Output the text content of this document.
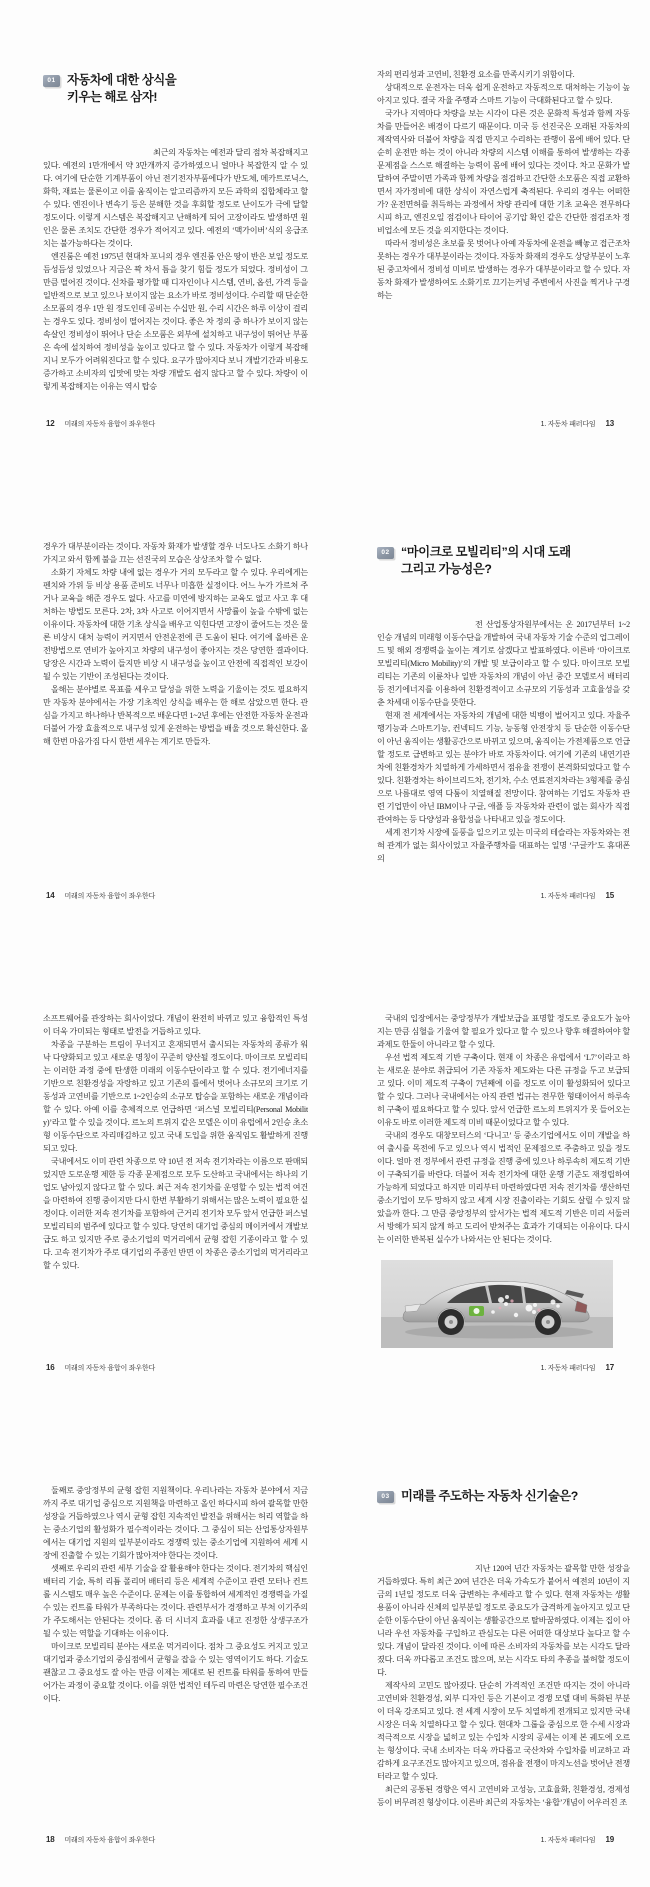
01 자동차에 대한 상식을
키우는 해로 삼자!

최근의 자동차는 예전과 달리 점차 복잡해지고 있다. 예전의 1만개에서 약 3만개까지 증가하였으니 얼마나 복잡한지 알 수 있다. 여기에 단순한 기계부품이 아닌 전기전자부품에다가 반도체, 메카트로닉스, 화학, 재료는 물론이고 이를 움직이는 알고리즘까지 모든 과학의 집합체라고 할 수 있다. 엔진이나 변속기 등은 분해한 것을 후회할 정도로 난이도가 극에 달할 정도이다. 이렇게 시스템은 복잡해지고 난해하게 되어 고장이라도 발생하면 원인은 물론 조치도 간단한 경우가 적어지고 있다. 예전의 ‘맥가이버’식의 응급조치는 불가능하다는 것이다.

엔진룸은 예전 1975년 현대차 포니의 경우 엔진룸 안은 땅이 반은 보일 정도로 듬성듬성 있었으나 지금은 꽉 차서 틈을 찾기 힘들 정도가 되었다. 정비성이 그만큼 떨어진 것이다. 신차를 평가할 때 디자인이나 시스템, 연비, 옵션, 가격 등을 일반적으로 보고 있으나 보이지 않는 요소가 바로 정비성이다. 수리할 때 단순한 소모품의 경우 1만 원 정도인데 공비는 수십만 원, 수리 시간은 하루 이상이 걸리는 경우도 있다. 정비성이 떨어지는 것이다. 좋은 차 정의 중 하나가 보이지 않는 속살인 정비성이 뛰어나 단순 소모품은 외부에 설치하고 내구성이 뛰어난 부품은 속에 설치하여 정비성을 높이고 있다고 할 수 있다. 자동차가 이렇게 복잡해지니 모두가 어려워진다고 할 수 있다. 요구가 많아지다 보니 개발기간과 비용도 증가하고 소비자의 입맛에 맞는 차량 개발도 쉽지 않다고 할 수 있다. 차량이 이렇게 복잡해지는 이유는 역시 탑승

12 미래의 자동차 융합이 좌우한다

자의 편리성과 고연비, 친환경 요소를 만족시키기 위함이다.

상대적으로 운전자는 더욱 쉽게 운전하고 자동적으로 대처하는 기능이 높아지고 있다. 결국 자율 주행과 스마트 기능이 극대화된다고 할 수 있다.

국가나 지역마다 차량을 보는 시각이 다른 것은 문화적 특성과 함께 자동차를 만들어온 배경이 다르기 때문이다. 미국 등 선진국은 오래된 자동차의 제작역사와 더불어 차량을 직접 만지고 수리하는 관행이 몸에 배어 있다. 단순히 운전만 하는 것이 아니라 차량의 시스템 이해를 통하여 발생하는 각종 문제점을 스스로 해결하는 능력이 몸에 배어 있다는 것이다. 차고 문화가 발달하여 주말이면 가족과 함께 차량을 점검하고 간단한 소모품은 직접 교환하면서 자가정비에 대한 상식이 자연스럽게 축적된다. 우리의 경우는 어떠한가? 운전면허를 취득하는 과정에서 차량 관리에 대한 기초 교육은 전무하다시피 하고, 엔진오일 점검이나 타이어 공기압 확인 같은 간단한 점검조차 정비업소에 모든 것을 의지한다는 것이다.

따라서 정비성은 초보를 못 벗어나 아예 자동차에 운전을 빼놓고 접근조차 못하는 경우가 대부분이라는 것이다. 자동차 화재의 경우도 상당부분이 노후된 중고차에서 정비성 미비로 발생하는 경우가 대부분이라고 할 수 있다. 자동차 화재가 발생하여도 소화기로 끄기는커녕 주변에서 사진을 찍거나 구경하는

1. 자동차 패러다임 13

경우가 대부분이라는 것이다. 자동차 화재가 발생할 경우 너도나도 소화기 하나 가지고 와서 함께 불을 끄는 선진국의 모습은 상상조차 할 수 없다.

소화기 자체도 차량 내에 없는 경우가 거의 모두라고 할 수 있다. 우리에게는 펜치와 가위 등 비상 용품 준비도 너무나 미흡한 실정이다. 어느 누가 가르쳐 주거나 교육을 해준 경우도 없다. 사고를 미연에 방지하는 교육도 없고 사고 후 대처하는 방법도 모른다. 2차, 3차 사고로 이어지면서 사망률이 높을 수밖에 없는 이유이다. 자동차에 대한 기초 상식을 배우고 익힌다면 고장이 줄어드는 것은 물론 비상시 대처 능력이 커지면서 안전운전에 큰 도움이 된다. 여기에 올바른 운전방법으로 연비가 높아지고 차량의 내구성이 좋아지는 것은 당연한 결과이다. 당장은 시간과 노력이 들지만 비상 시 내구성을 높이고 안전에 직접적인 보강이 될 수 있는 기반이 조성된다는 것이다.

올해는 분야별로 목표를 세우고 달성을 위한 노력을 기울이는 것도 필요하지만 자동차 분야에서는 가장 기초적인 상식을 배우는 한 해로 삼았으면 한다. 관심을 가지고 하나하나 반복적으로 배운다면 1~2년 후에는 안전한 자동차 운전과 더불어 가장 효율적으로 내구성 있게 운전하는 방법을 배울 것으로 확신한다. 올해 한번 마음가짐 다시 한번 세우는 계기로 만들자.

14 미래의 자동차 융합이 좌우한다
02 “마이크로 모빌리티”의 시대 도래
그리고 가능성은?

전 산업통상자원부에서는 온 2017년부터 1~2인승 개념의 미래형 이동수단을 개발하여 국내 자동차 기술 수준의 업그레이드 및 해외 경쟁력을 높이는 계기로 삼겠다고 발표하였다. 이른바 ‘마이크로 모빌리티(Micro Mobility)’의 개발 및 보급이라고 할 수 있다. 마이크로 모빌리티는 기존의 이륜차나 일반 자동차의 개념이 아닌 중간 모델로서 배터리 등 전기에너지를 이용하여 친환경적이고 소규모의 기동성과 고효율성을 갖춘 차세대 이동수단을 뜻한다.

현재 전 세계에서는 자동차의 개념에 대한 빅뱅이 벌어지고 있다. 자율주행기능과 스마트기능, 컨넥티드 기능, 능동형 안전장치 등 단순한 이동수단이 아닌 움직이는 생활공간으로 바뀌고 있으며, 움직이는 가전제품으로 언급할 정도로 급변하고 있는 분야가 바로 자동차이다. 여기에 기존의 내연기관차에 친환경차가 치열하게 가세하면서 점유율 전쟁이 본격화되었다고 할 수 있다. 친환경차는 하이브리드차, 전기차, 수소 연료전지차라는 3형제를 중심으로 나름대로 영역 다툼이 치열해질 전망이다. 참여하는 기업도 자동차 관련 기업만이 아닌 IBM이나 구글, 애플 등 자동차와 관련이 없는 회사가 직접 관여하는 등 다양성과 융합성을 나타내고 있을 정도이다.

세계 전기차 시장에 돌풍을 일으키고 있는 미국의 테슬라는 자동차와는 전혀 관계가 없는 회사이었고 자율주행차를 대표하는 일명 ‘구글카’도 휴대폰의

1. 자동차 패러다임 15

소프트웨어를 관장하는 회사이었다. 개념이 완전히 바뀌고 있고 융합적인 특성이 더욱 가미되는 형태로 발전을 거듭하고 있다.

차종을 구분하는 트림이 무너지고 혼재되면서 출시되는 자동차의 종류가 워낙 다양화되고 있고 새로운 명칭이 꾸준히 양산될 정도이다. 마이크로 모빌리티는 이러한 과정 중에 탄생한 미래의 이동수단이라고 할 수 있다. 전기에너지를 기반으로 친환경성을 자랑하고 있고 기존의 틀에서 벗어나 소규모의 크기로 기동성과 고연비를 기반으로 1~2인승의 소규모 탑승을 포함하는 새로운 개념이라 할 수 있다. 아예 이를 총체적으로 언급하면 ‘퍼스널 모빌리티(Personal Mobility)’라고 할 수 있을 것이다. 르노의 트위지 같은 모델은 이미 유럽에서 2인승 초소형 이동수단으로 자리매김하고 있고 국내 도입을 위한 움직임도 활발하게 진행되고 있다.

국내에서도 이미 관련 차종으로 약 10년 전 저속 전기차라는 이름으로 판매되었지만 도로운행 제한 등 각종 문제점으로 모두 도산하고 국내에서는 하나의 기업도 남아있지 않다고 할 수 있다. 최근 저속 전기차를 운영할 수 있는 법적 여건을 마련하여 진행 중이지만 다시 한번 부활하기 위해서는 많은 노력이 필요한 실정이다. 이러한 저속 전기차를 포함하여 근거리 전기차 모두 앞서 언급한 퍼스널 모빌리티의 범주에 있다고 할 수 있다. 당연히 대기업 중심의 메이커에서 개발보급도 하고 있지만 주로 중소기업의 먹거리에서 균형 잡힌 기종이라고 할 수 있다. 고속 전기차가 주로 대기업의 주종인 반면 이 차종은 중소기업의 먹거리라고 할 수 있다.

16 미래의 자동차 융합이 좌우한다

국내의 입장에서는 중앙정부가 개발보급을 표명할 정도로 중요도가 높아지는 만큼 심혈을 기울여 할 필요가 있다고 할 수 있으나 향후 해결하여야 할 과제도 한둘이 아니라고 할 수 있다.

우선 법적 제도적 기반 구축이다. 현재 이 차종은 유럽에서 ‘L7’이라고 하는 새로운 분야로 취급되어 기존 자동차 제도와는 다른 규정을 두고 보급되고 있다. 이미 제도적 구축이 7년째에 이를 정도로 이미 활성화되어 있다고 할 수 있다. 그러나 국내에서는 아직 관련 법규는 전무한 형태이어서 하루속히 구축이 필요하다고 할 수 있다. 앞서 언급한 르노의 트위지가 못 들어오는 이유도 바로 이러한 제도적 미비 때문이었다고 할 수 있다.

국내의 경우도 대창모터스의 ‘다니고’ 등 중소기업에서도 이미 개발을 하여 출시를 목전에 두고 있으나 역시 법적인 문제점으로 주춤하고 있을 정도이다. 얼마 전 정부에서 관련 규정을 진행 중에 있으나 하루속히 제도적 기반이 구축되기를 바란다. 더불어 저속 전기차에 대한 운행 기준도 재정립하여 가능하게 되었다고 하지만 미리부터 마련하였다면 저속 전기차를 생산하던 중소기업이 모두 망하지 않고 세계 시장 진출이라는 기회도 살릴 수 있지 않았을까 한다. 그 만큼 중앙정부의 앞서가는 법적 제도적 기반은 미리 서둘러서 방해가 되지 않게 하고 도리어 받쳐주는 효과가 기대되는 이유이다. 다시는 이러한 반복된 실수가 나와서는 안 된다는 것이다.

1. 자동차 패러다임 17

둘째로 중앙정부의 균형 잡힌 지원책이다. 우리나라는 자동차 분야에서 지금까지 주로 대기업 중심으로 지원책을 마련하고 올인 하다시피 하여 괄목할 만한 성장을 거듭하였으나 역시 균형 잡힌 지속적인 발전을 위해서는 허리 역할을 하는 중소기업의 활성화가 필수적이라는 것이다. 그 중심이 되는 산업통상자원부에서는 대기업 지원의 일부분이라도 경쟁력 있는 중소기업에 지원하여 세계 시장에 진출할 수 있는 기회가 많아져야 한다는 것이다.

셋째로 우리의 관련 세부 기술을 잘 활용해야 한다는 것이다. 전기차의 핵심인 배터리 기술, 특히 리튬 폴리머 배터리 등은 세계적 수준이고 관련 모터나 컨트롤 시스템도 매우 높은 수준이다. 문제는 이를 통합하여 세계적인 경쟁력을 가질 수 있는 컨트롤 타워가 부족하다는 것이다. 관련부서가 경쟁하고 부처 이기주의가 주도해서는 안된다는 것이다. 좀 더 시너지 효과를 내고 진정한 상생구조가 될 수 있는 역할을 기대하는 이유이다.

마이크로 모빌리티 분야는 새로운 먹거리이다. 점차 그 중요성도 커지고 있고 대기업과 중소기업의 중심점에서 균형을 잡을 수 있는 영역이기도 하다. 기술도 괜찮고 그 중요성도 잘 아는 만큼 이제는 제대로 된 컨트롤 타워를 통하여 만들어가는 과정이 중요할 것이다. 이를 위한 법적인 테두리 마련은 당연한 필수조건이다.

18 미래의 자동차 융합이 좌우한다
03 미래를 주도하는 자동차 신기술은?

지난 120여 년간 자동차는 괄목할 만한 성장을 거듭하였다. 특히 최근 20여 년간은 더욱 가속도가 붙어서 예전의 10년이 지금의 1년일 정도로 더욱 급변하는 추세라고 할 수 있다. 현재 자동차는 생활용품이 아니라 신체의 일부분일 정도로 중요도가 급격하게 높아지고 있고 단순한 이동수단이 아닌 움직이는 생활공간으로 탈바꿈하였다. 이제는 집이 아니라 우선 자동차를 구입하고 관심도는 다른 어떠한 대상보다 높다고 할 수 있다. 개념이 달라진 것이다. 이에 따른 소비자의 자동차를 보는 시각도 달라졌다. 더욱 까다롭고 조건도 많으며, 보는 시각도 타의 추종을 불허할 정도이다.

제작사의 고민도 많아졌다. 단순히 가격적인 조건만 따지는 것이 아니라 고연비와 친환경성, 외부 디자인 등은 기본이고 경쟁 모델 대비 특화된 부분이 더욱 강조되고 있다. 전 세계 시장이 모두 치열하게 전개되고 있지만 국내 시장은 더욱 치열하다고 할 수 있다. 현대차 그룹을 중심으로 한 수세 시장과 적극적으로 시장을 넓히고 있는 수입차 시장의 공세는 이제 본 궤도에 오르는 형상이다. 국내 소비자는 더욱 까다롭고 국산차와 수입차를 비교하고 과감하게 요구조건도 많아지고 있으며, 점유율 전쟁이 마지노선을 벗어난 전쟁터라고 할 수 있다.

최근의 공통된 경향은 역시 고연비와 고성능, 고효율화, 친환경성, 경제성 등이 버무려진 형상이다. 이른바 최근의 자동차는 ‘융합’개념이 어우러진 조

1. 자동차 패러다임 19
